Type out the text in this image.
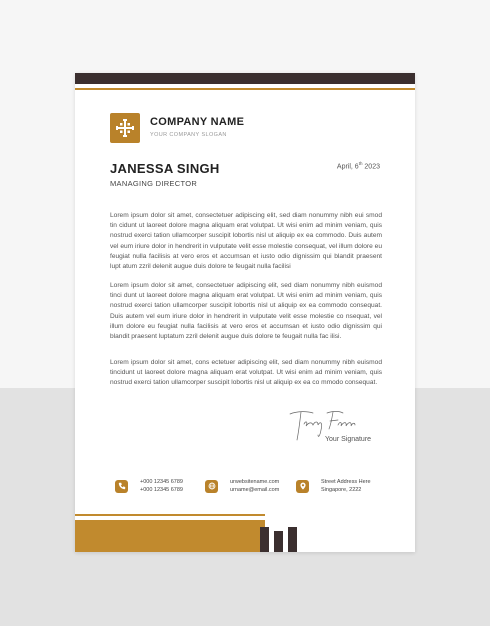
COMPANY NAME
YOUR COMPANY SLOGAN
JANESSA SINGH
MANAGING DIRECTOR
April, 6th 2023

Lorem ipsum dolor sit amet, consectetuer adipiscing elit, sed diam nonummy nibh eui smod tin cidunt ut laoreet dolore magna aliquam erat volutpat. Ut wisi enim ad minim veniam, quis nostrud exerci tation ullamcorper suscipit lobortis nisl ut aliquip ex ea commodo. Duis autem vel eum iriure dolor in hendrerit in vulputate velit esse molestie consequat, vel illum dolore eu feugiat nulla facilisis at vero eros et accumsan et iusto odio dignissim qui blandit praesent lupt atum zzril delenit augue duis dolore te feugait nulla facilisi

Lorem ipsum dolor sit amet, consectetuer adipiscing elit, sed diam nonummy nibh euismod tinci dunt ut laoreet dolore magna aliquam erat volutpat. Ut wisi enim ad minim veniam, quis nostrud exerci tation ullamcorper suscipit lobortis nisl ut aliquip ex ea commodo consequat. Duis autem vel eum iriure dolor in hendrerit in vulputate velit esse molestie co nsequat, vel illum dolore eu feugiat nulla facilisis at vero eros et accumsan et iusto odio dignissim qui blandit praesent luptatum zzril delenit augue duis dolore te feugait nulla fac ilisi.

Lorem ipsum dolor sit amet, cons ectetuer adipiscing elit, sed diam nonummy nibh euismod tincidunt ut laoreet dolore magna aliquam erat volutpat. Ut wisi enim ad minim veniam, quis nostrud exerci tation ullamcorper suscipit lobortis nisl ut aliquip ex ea co mmodo consequat.

Your Signature
+000 12345 6789
+000 12345 6789
urwebsitename.com
urname@email.com
Street Address Here
Singapore, 2222
